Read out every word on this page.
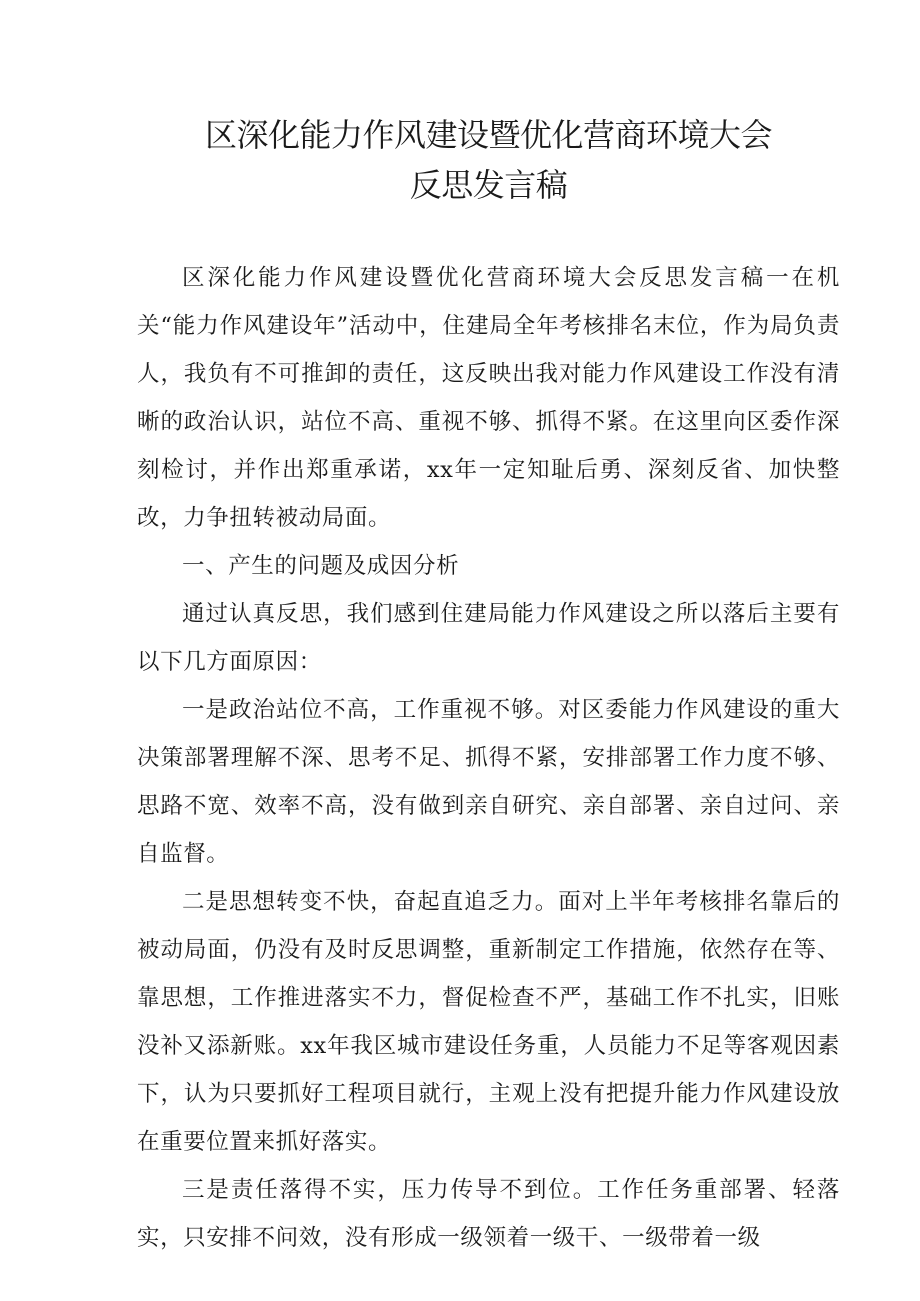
区深化能力作风建设暨优化营商环境大会
反思发言稿

区深化能力作风建设暨优化营商环境大会反思发言稿一在机关“能力作风建设年”活动中，住建局全年考核排名末位，作为局负责人，我负有不可推卸的责任，这反映出我对能力作风建设工作没有清晰的政治认识，站位不高、重视不够、抓得不紧。在这里向区委作深刻检讨，并作出郑重承诺，xx年一定知耻后勇、深刻反省、加快整改，力争扭转被动局面。

一、产生的问题及成因分析

通过认真反思，我们感到住建局能力作风建设之所以落后主要有以下几方面原因：

一是政治站位不高，工作重视不够。对区委能力作风建设的重大决策部署理解不深、思考不足、抓得不紧，安排部署工作力度不够、思路不宽、效率不高，没有做到亲自研究、亲自部署、亲自过问、亲自监督。

二是思想转变不快，奋起直追乏力。面对上半年考核排名靠后的被动局面，仍没有及时反思调整，重新制定工作措施，依然存在等、靠思想，工作推进落实不力，督促检查不严，基础工作不扎实，旧账没补又添新账。xx年我区城市建设任务重，人员能力不足等客观因素下，认为只要抓好工程项目就行，主观上没有把提升能力作风建设放在重要位置来抓好落实。

三是责任落得不实，压力传导不到位。工作任务重部署、轻落实，只安排不问效，没有形成一级领着一级干、一级带着一级
